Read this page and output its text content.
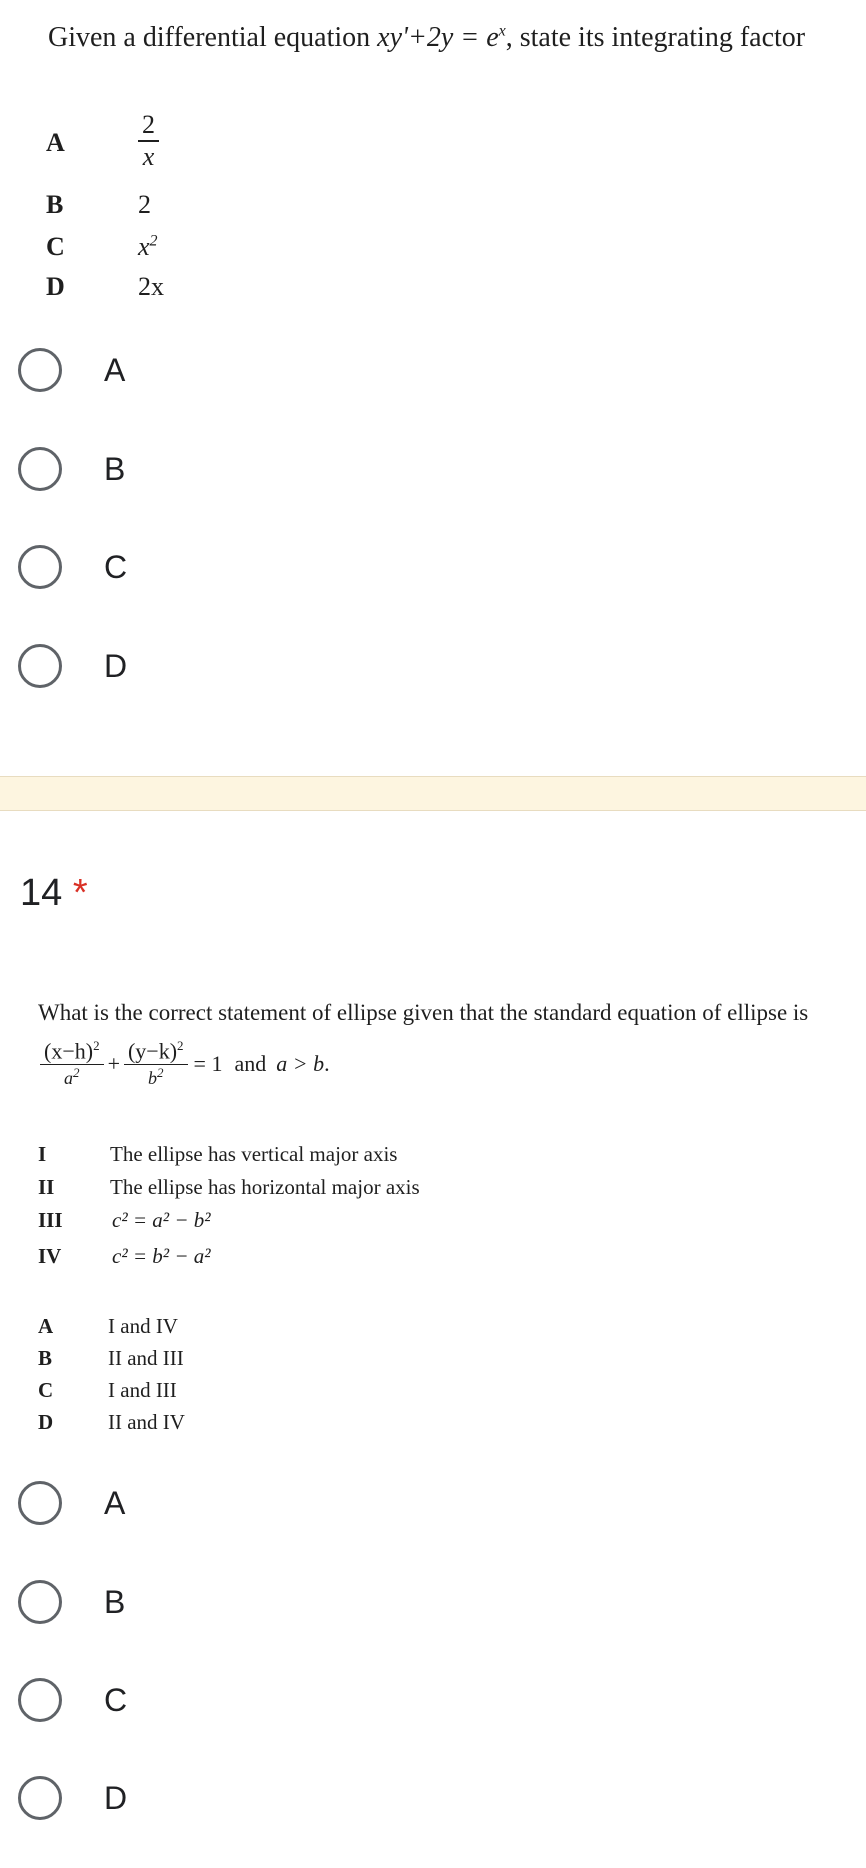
Given a differential equation $xy'+2y = e^x$, state its integrating factor
A	$\frac{2}{x}$
B	2
C	$x^2$
D	2x
A
B
C
D
14 *
What is the correct statement of ellipse given that the standard equation of ellipse is
$\frac{(x-h)^2}{a^2} + \frac{(y-k)^2}{b^2} = 1$ and a > b .
I	The ellipse has vertical major axis
II	The ellipse has horizontal major axis
III c² = a² − b²
IV c² = b² − a²
A	I and IV
B	II and III
C	I and III
D	II and IV
A
B
C
D
